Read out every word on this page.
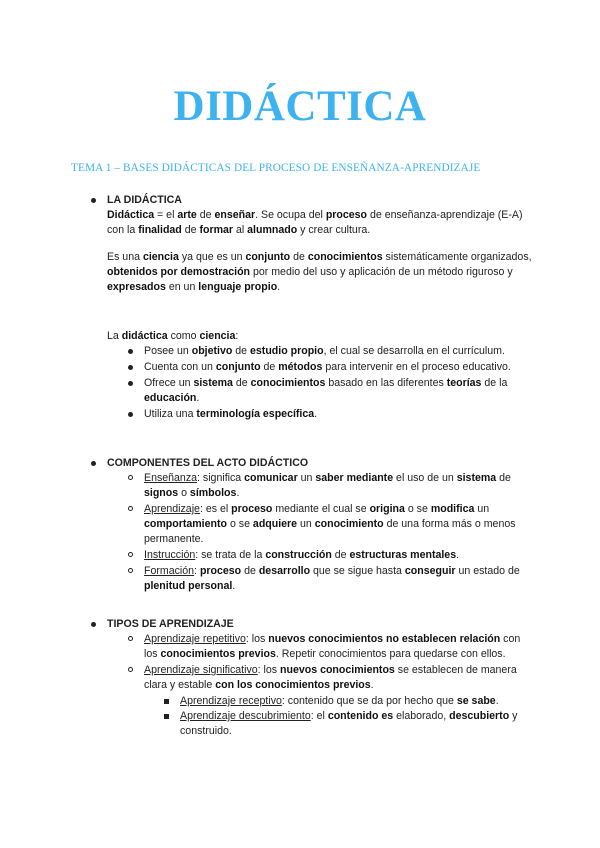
DIDÁCTICA
TEMA 1 – BASES DIDÁCTICAS DEL PROCESO DE ENSEÑANZA-APRENDIZAJE
LA DIDÁCTICA
Didáctica = el arte de enseñar. Se ocupa del proceso de enseñanza-aprendizaje (E-A) con la finalidad de formar al alumnado y crear cultura.
Es una ciencia ya que es un conjunto de conocimientos sistemáticamente organizados, obtenidos por demostración por medio del uso y aplicación de un método riguroso y expresados en un lenguaje propio.
La didáctica como ciencia:
Posee un objetivo de estudio propio, el cual se desarrolla en el currículum.
Cuenta con un conjunto de métodos para intervenir en el proceso educativo.
Ofrece un sistema de conocimientos basado en las diferentes teorías de la educación.
Utiliza una terminología específica.
COMPONENTES DEL ACTO DIDÁCTICO
Enseñanza: significa comunicar un saber mediante el uso de un sistema de signos o símbolos.
Aprendizaje: es el proceso mediante el cual se origina o se modifica un comportamiento o se adquiere un conocimiento de una forma más o menos permanente.
Instrucción: se trata de la construcción de estructuras mentales.
Formación: proceso de desarrollo que se sigue hasta conseguir un estado de plenitud personal.
TIPOS DE APRENDIZAJE
Aprendizaje repetitivo: los nuevos conocimientos no establecen relación con los conocimientos previos. Repetir conocimientos para quedarse con ellos.
Aprendizaje significativo: los nuevos conocimientos se establecen de manera clara y estable con los conocimientos previos.
Aprendizaje receptivo: contenido que se da por hecho que se sabe.
Aprendizaje descubrimiento: el contenido es elaborado, descubierto y construido.
